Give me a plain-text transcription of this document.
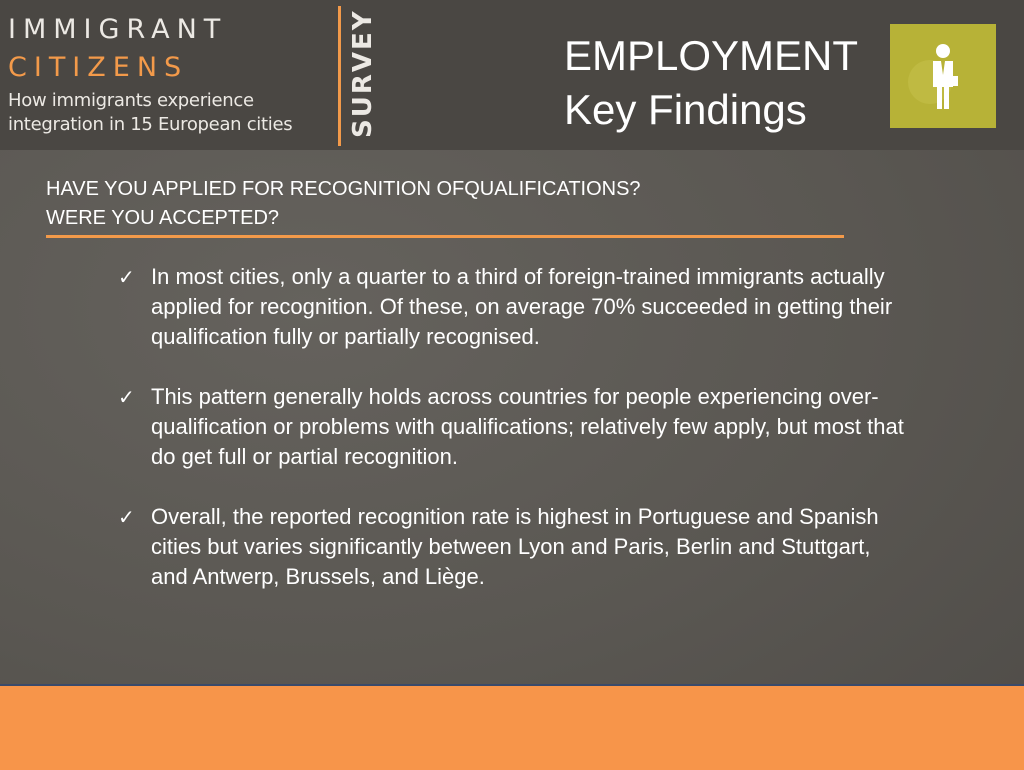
IMMIGRANT
CITIZENS
How immigrants experience
integration in 15 European cities SURVEY	EMPLOYMENT
Key Findings
HAVE YOU APPLIED FOR RECOGNITION OFQUALIFICATIONS?
WERE YOU ACCEPTED?
✓ In most cities, only a quarter to a third of foreign-trained immigrants actually applied for recognition. Of these, on average 70% succeeded in getting their qualification fully or partially recognised.
✓ This pattern generally holds across countries for people experiencing over-qualification or problems with qualifications; relatively few apply, but most that do get full or partial recognition.
✓ Overall, the reported recognition rate is highest in Portuguese and Spanish cities but varies significantly between Lyon and Paris, Berlin and Stuttgart, and Antwerp, Brussels, and Liège.
